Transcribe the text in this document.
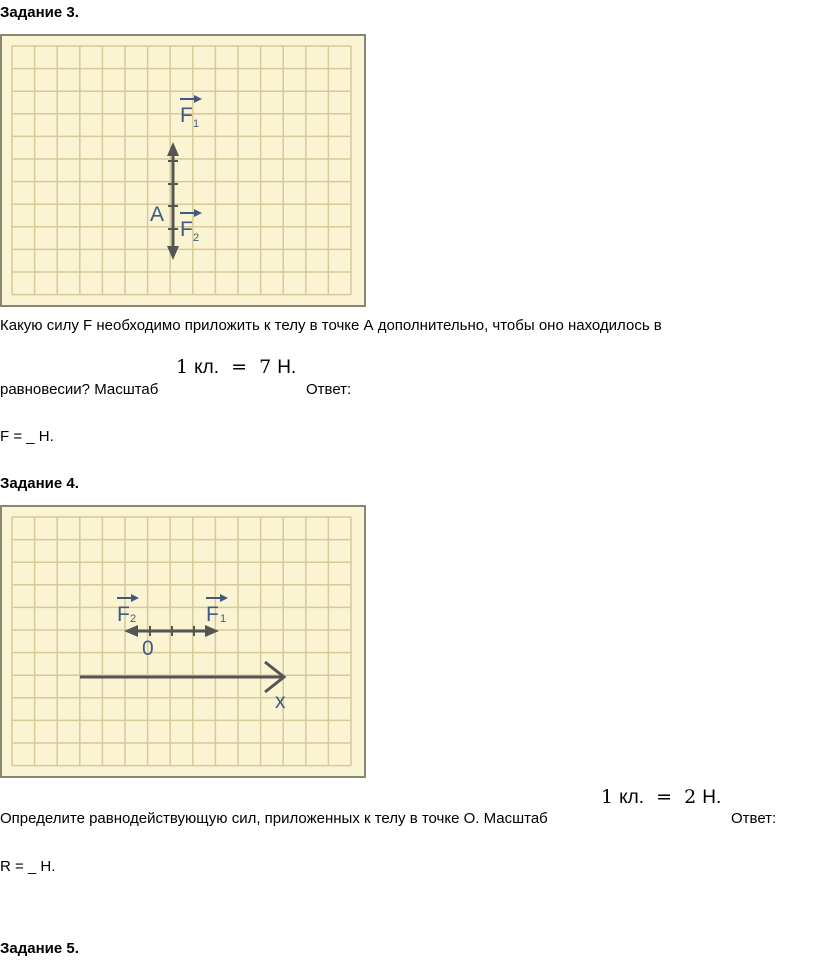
Задание 3.
A
F 1
F 2
Какую силу F необходимо приложить к телу в точке А дополнительно, чтобы оно находилось в
равновесии? Масштаб
1 кл. = 7 Н.
Ответ:
F = _ Н.
Задание 4.
x
0
F 2	F 1
Определите равнодействующую сил, приложенных к телу в точке О. Масштаб
1 кл. = 2 Н.
Ответ:
R = _ Н.
Задание 5.
